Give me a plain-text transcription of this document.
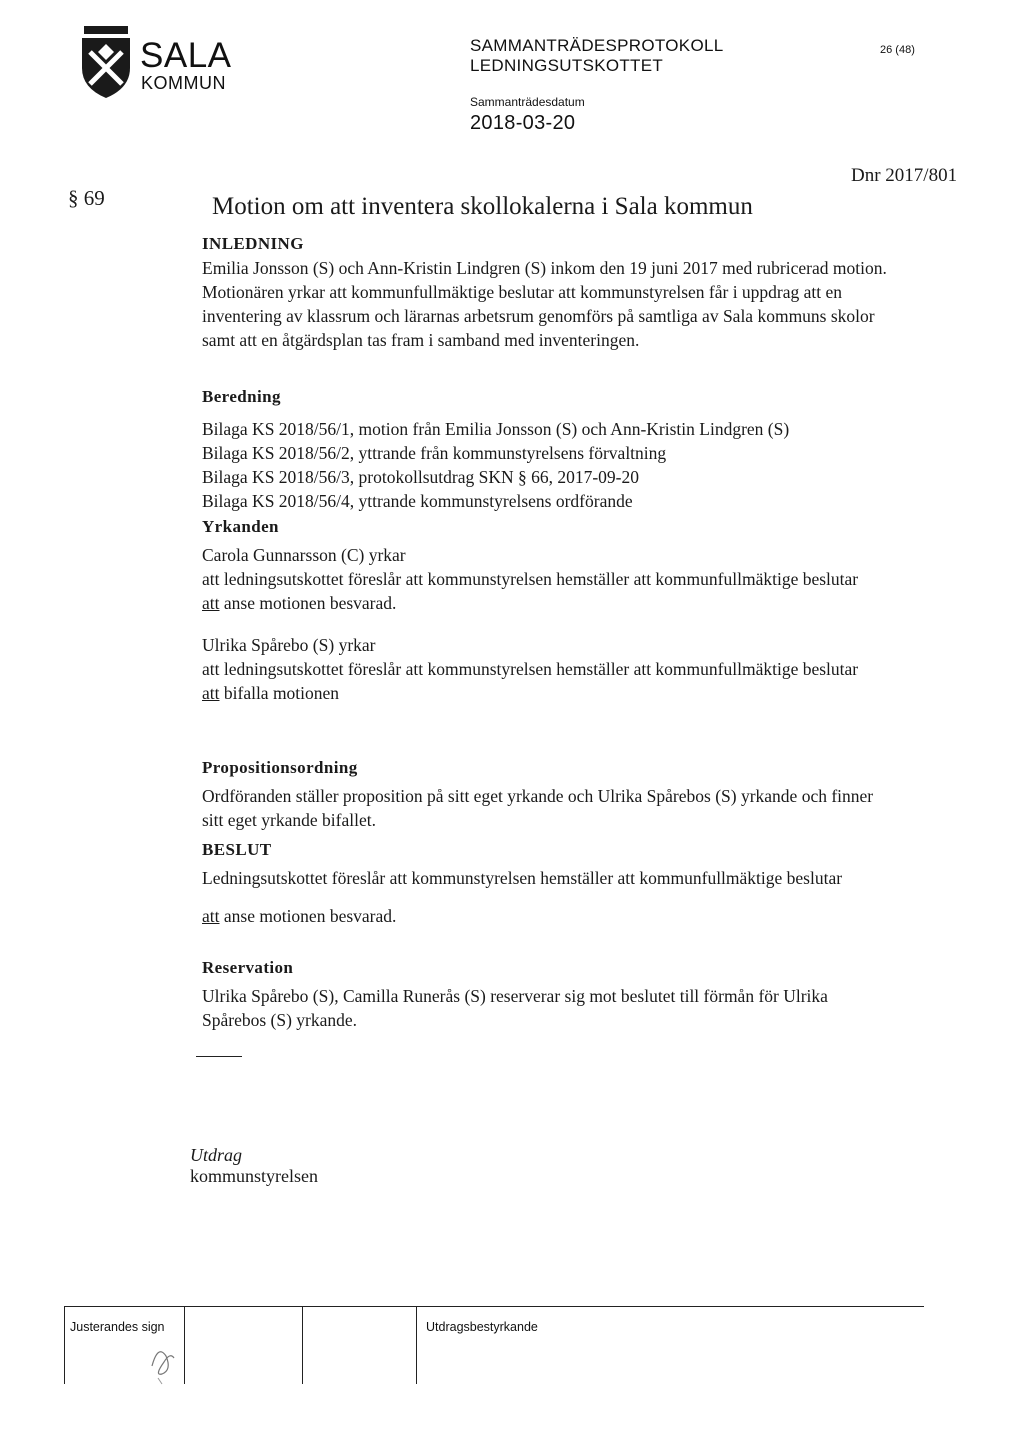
SALA
KOMMUN
SAMMANTRÄDESPROTOKOLL
LEDNINGSUTSKOTTET
26 (48)
Sammanträdesdatum
2018-03-20
§ 69
Dnr 2017/801
Motion om att inventera skollokalerna i Sala kommun

INLEDNING

Emilia Jonsson (S) och Ann-Kristin Lindgren (S) inkom den 19 juni 2017 med rubricerad motion. Motionären yrkar att kommunfullmäktige beslutar att kommunstyrelsen får i uppdrag att en inventering av klassrum och lärarnas arbetsrum genomförs på samtliga av Sala kommuns skolor samt att en åtgärdsplan tas fram i samband med inventeringen.

Beredning

Bilaga KS 2018/56/1, motion från Emilia Jonsson (S) och Ann-Kristin Lindgren (S)

Bilaga KS 2018/56/2, yttrande från kommunstyrelsens förvaltning

Bilaga KS 2018/56/3, protokollsutdrag SKN § 66, 2017-09-20

Bilaga KS 2018/56/4, yttrande kommunstyrelsens ordförande

Yrkanden

Carola Gunnarsson (C) yrkar

att ledningsutskottet föreslår att kommunstyrelsen hemställer att kommunfullmäktige beslutar

att anse motionen besvarad.

Ulrika Spårebo (S) yrkar

att ledningsutskottet föreslår att kommunstyrelsen hemställer att kommunfullmäktige beslutar

att bifalla motionen

Propositionsordning

Ordföranden ställer proposition på sitt eget yrkande och Ulrika Spårebos (S) yrkande och finner sitt eget yrkande bifallet.

BESLUT

Ledningsutskottet föreslår att kommunstyrelsen hemställer att kommunfullmäktige beslutar

att anse motionen besvarad.

Reservation

Ulrika Spårebo (S), Camilla Runerås (S) reserverar sig mot beslutet till förmån för Ulrika Spårebos (S) yrkande.

Utdrag
kommunstyrelsen
Justerandes sign	Utdragsbestyrkande
